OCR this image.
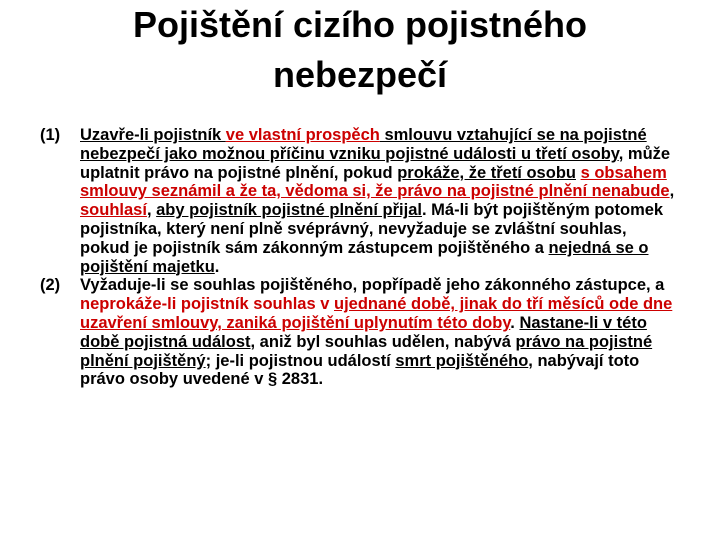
Pojištění cizího pojistného
nebezpečí
(1) Uzavře-li pojistník ve vlastní prospěch smlouvu vztahující se na pojistné nebezpečí jako možnou příčinu vzniku pojistné události u třetí osoby, může uplatnit právo na pojistné plnění, pokud prokáže, že třetí osobu s obsahem smlouvy seznámil a že ta, vědoma si, že právo na pojistné plnění nenabude, souhlasí, aby pojistník pojistné plnění přijal. Má-li být pojištěným potomek pojistníka, který není plně svéprávný, nevyžaduje se zvláštní souhlas, pokud je pojistník sám zákonným zástupcem pojištěného a nejedná se o pojištění majetku.
(2) Vyžaduje-li se souhlas pojištěného, popřípadě jeho zákonného zástupce, a neprokáže-li pojistník souhlas v ujednané době, jinak do tří měsíců ode dne uzavření smlouvy, zaniká pojištění uplynutím této doby. Nastane-li v této době pojistná událost, aniž byl souhlas udělen, nabývá právo na pojistné plnění pojištěný; je-li pojistnou událostí smrt pojištěného, nabývají toto právo osoby uvedené v § 2831.
